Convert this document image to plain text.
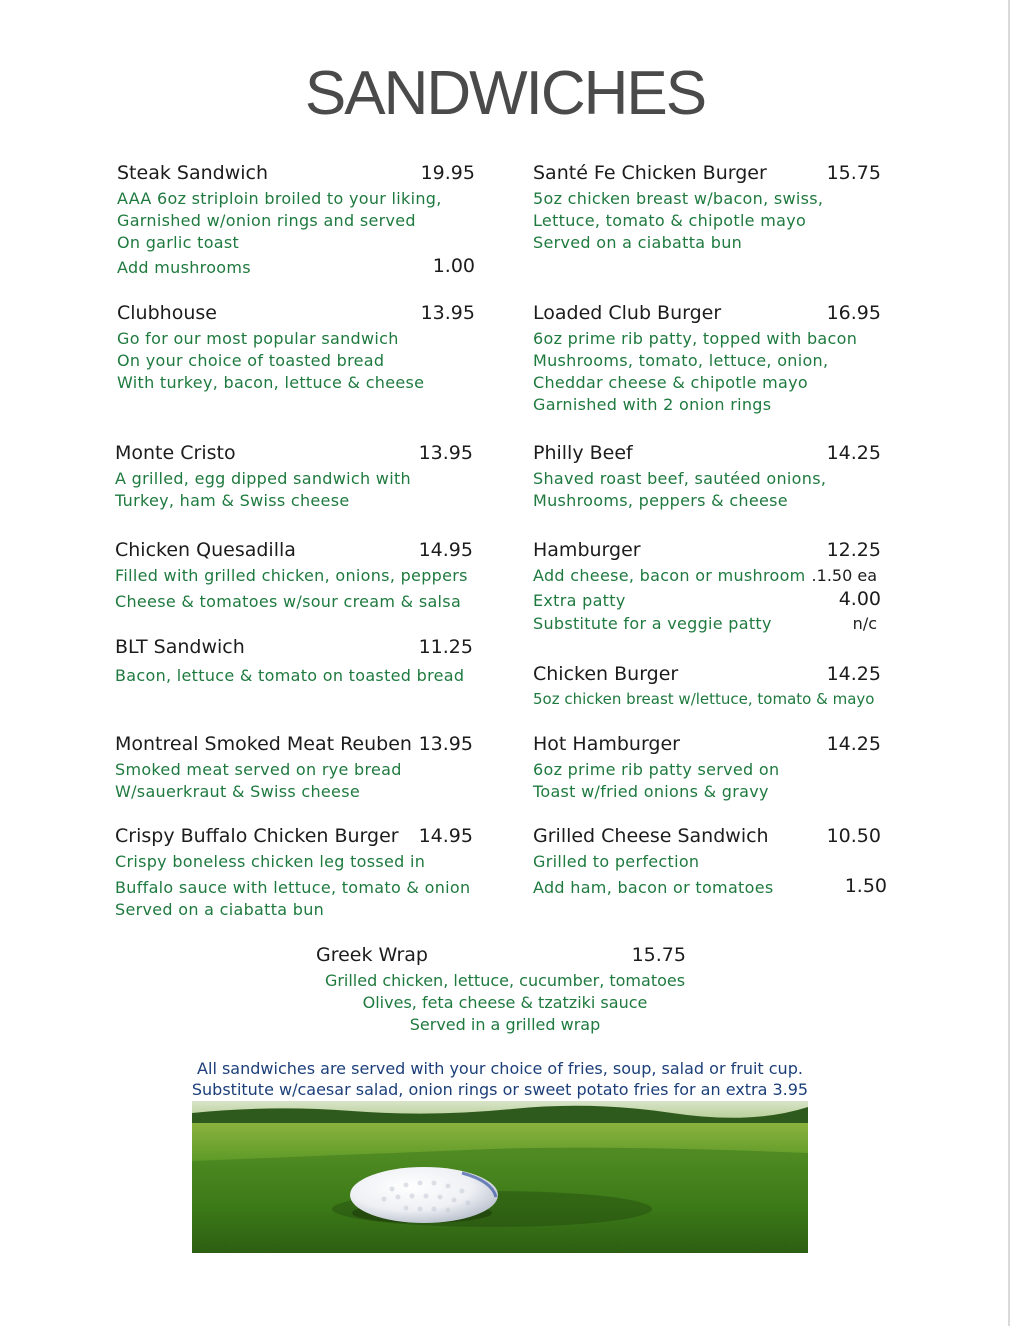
SANDWICHES
Steak Sandwich	19.95
AAA 6oz striploin broiled to your liking,
Garnished w/onion rings and served
On garlic toast
Add mushrooms	1.00
Clubhouse	13.95
Go for our most popular sandwich
On your choice of toasted bread
With turkey, bacon, lettuce & cheese
Monte Cristo	13.95
A grilled, egg dipped sandwich with
Turkey, ham & Swiss cheese
Chicken Quesadilla	14.95
Filled with grilled chicken, onions, peppers
Cheese & tomatoes w/sour cream & salsa
BLT Sandwich	11.25
Bacon, lettuce & tomato on toasted bread
Montreal Smoked Meat Reuben 13.95
Smoked meat served on rye bread
W/sauerkraut & Swiss cheese
Crispy Buffalo Chicken Burger 14.95
Crispy boneless chicken leg tossed in
Buffalo sauce with lettuce, tomato & onion
Served on a ciabatta bun
Santé Fe Chicken Burger	15.75
5oz chicken breast w/bacon, swiss,
Lettuce, tomato & chipotle mayo
Served on a ciabatta bun
Loaded Club Burger	16.95
6oz prime rib patty, topped with bacon
Mushrooms, tomato, lettuce, onion,
Cheddar cheese & chipotle mayo
Garnished with 2 onion rings
Philly Beef	14.25
Shaved roast beef, sautéed onions,
Mushrooms, peppers & cheese
Hamburger	12.25
Add cheese, bacon or mushroom .1.50 ea
Extra patty	4.00
Substitute for a veggie patty	n/c
Chicken Burger	14.25
5oz chicken breast w/lettuce, tomato & mayo
Hot Hamburger	14.25
6oz prime rib patty served on
Toast w/fried onions & gravy
Grilled Cheese Sandwich	10.50
Grilled to perfection
Add ham, bacon or tomatoes	1.50
Greek Wrap	15.75
Grilled chicken, lettuce, cucumber, tomatoes
Olives, feta cheese & tzatziki sauce
Served in a grilled wrap
All sandwiches are served with your choice of fries, soup, salad or fruit cup.
Substitute w/caesar salad, onion rings or sweet potato fries for an extra 3.95
